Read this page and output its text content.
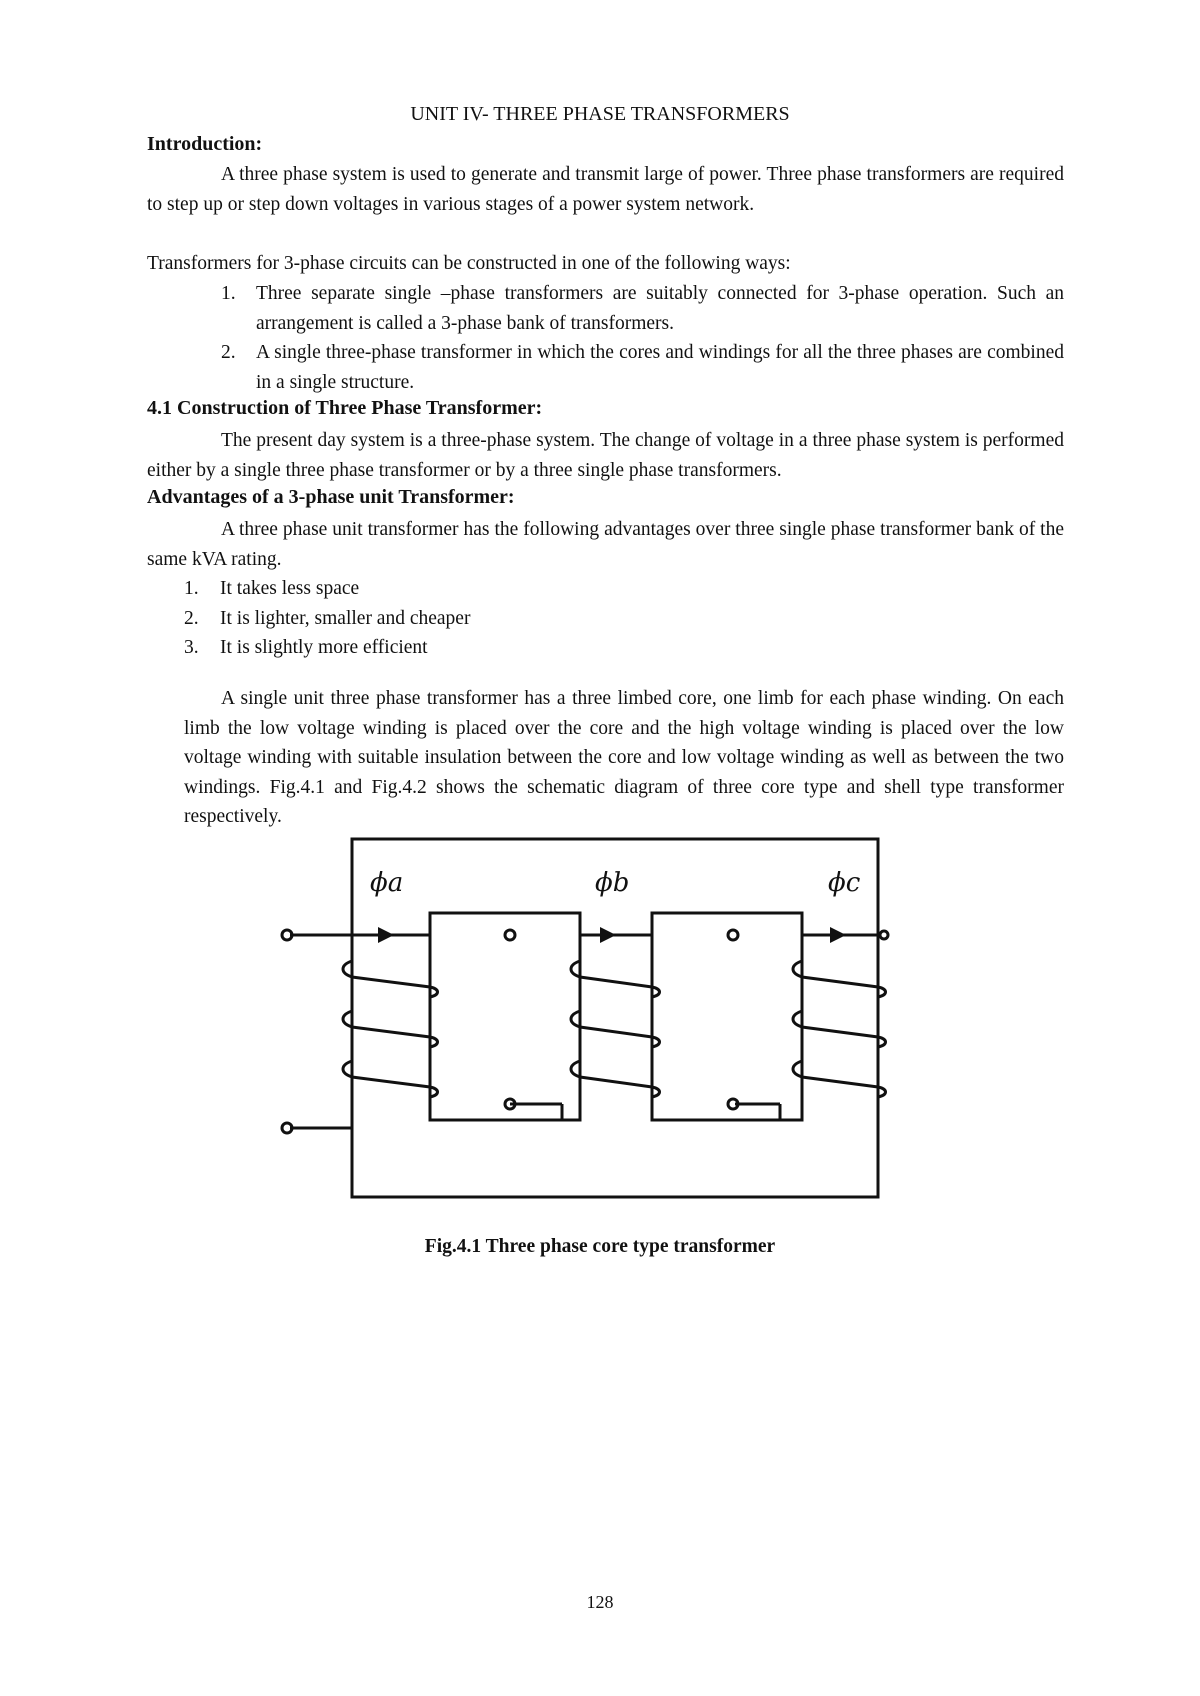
UNIT IV- THREE PHASE TRANSFORMERS
Introduction:
A three phase system is used to generate and transmit large of power. Three phase transformers are required to step up or step down voltages in various stages of a power system network.
Transformers for 3-phase circuits can be constructed in one of the following ways:
1. Three separate single –phase transformers are suitably connected for 3-phase operation. Such an arrangement is called a 3-phase bank of transformers.
2. A single three-phase transformer in which the cores and windings for all the three phases are combined in a single structure.
4.1 Construction of Three Phase Transformer:
The present day system is a three-phase system. The change of voltage in a three phase system is performed either by a single three phase transformer or by a three single phase transformers.
Advantages of a 3-phase unit Transformer:
A three phase unit transformer has the following advantages over three single phase transformer bank of the same kVA rating.
1. It takes less space
2. It is lighter, smaller and cheaper
3. It is slightly more efficient
A single unit three phase transformer has a three limbed core, one limb for each phase winding. On each limb the low voltage winding is placed over the core and the high voltage winding is placed over the low voltage winding with suitable insulation between the core and low voltage winding as well as between the two windings. Fig.4.1 and Fig.4.2 shows the schematic diagram of three core type and shell type transformer respectively.
ϕa	ϕb	ϕc
Fig.4.1 Three phase core type transformer
128
